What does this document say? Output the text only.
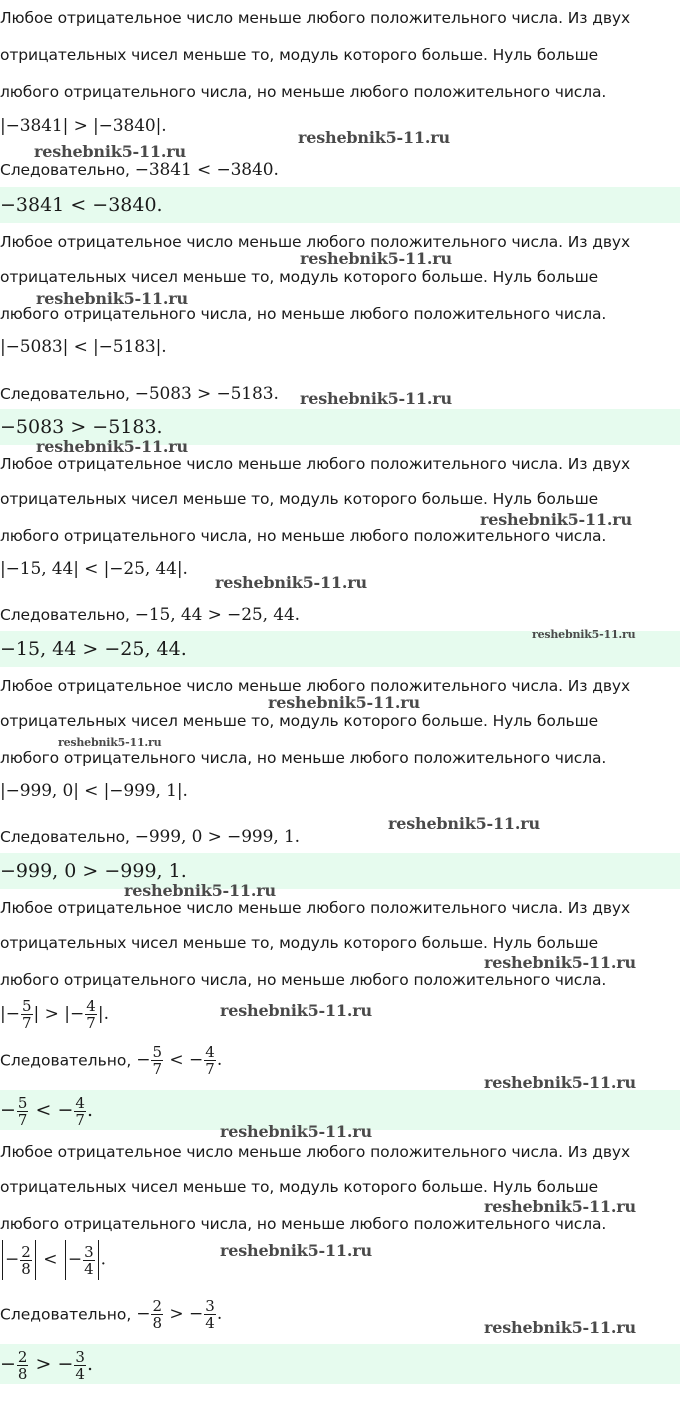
Любое отрицательное число меньше любого положительного числа. Из двух
отрицательных чисел меньше то, модуль которого больше. Нуль больше
любого отрицательного числа, но меньше любого положительного числа.
|−3841| > |−3840|.
Следовательно, −3841 < −3840.
−3841 < −3840.
Любое отрицательное число меньше любого положительного числа. Из двух
отрицательных чисел меньше то, модуль которого больше. Нуль больше
любого отрицательного числа, но меньше любого положительного числа.
|−5083| < |−5183|.
Следовательно, −5083 > −5183.
−5083 > −5183.
Любое отрицательное число меньше любого положительного числа. Из двух
отрицательных чисел меньше то, модуль которого больше. Нуль больше
любого отрицательного числа, но меньше любого положительного числа.
|−15, 44| < |−25, 44|.
Следовательно, −15, 44 > −25, 44.
−15, 44 > −25, 44.
Любое отрицательное число меньше любого положительного числа. Из двух
отрицательных чисел меньше то, модуль которого больше. Нуль больше
любого отрицательного числа, но меньше любого положительного числа.
|−999, 0| < |−999, 1|.
Следовательно, −999, 0 > −999, 1.
−999, 0 > −999, 1.
Любое отрицательное число меньше любого положительного числа. Из двух
отрицательных чисел меньше то, модуль которого больше. Нуль больше
любого отрицательного числа, но меньше любого положительного числа.
|− $\frac{5}{7}$ | > |− $\frac{4}{7}$ |.
Следовательно, − $\frac{5}{7}$ < − $\frac{4}{7}$ .
− $\frac{5}{7}$ < − $\frac{4}{7}$ .
Любое отрицательное число меньше любого положительного числа. Из двух
отрицательных чисел меньше то, модуль которого больше. Нуль больше
любого отрицательного числа, но меньше любого положительного числа.
− $\frac{2}{8}$ < − $\frac{3}{4}$ .
Следовательно, − $\frac{2}{8}$ > − $\frac{3}{4}$ .
− $\frac{2}{8}$ > − $\frac{3}{4}$ .
reshebnik5-11.ru
reshebnik5-11.ru
reshebnik5-11.ru
reshebnik5-11.ru
reshebnik5-11.ru
reshebnik5-11.ru
reshebnik5-11.ru
reshebnik5-11.ru
reshebnik5-11.ru
reshebnik5-11.ru
reshebnik5-11.ru
reshebnik5-11.ru
reshebnik5-11.ru
reshebnik5-11.ru
reshebnik5-11.ru
reshebnik5-11.ru
reshebnik5-11.ru
reshebnik5-11.ru
reshebnik5-11.ru
reshebnik5-11.ru
